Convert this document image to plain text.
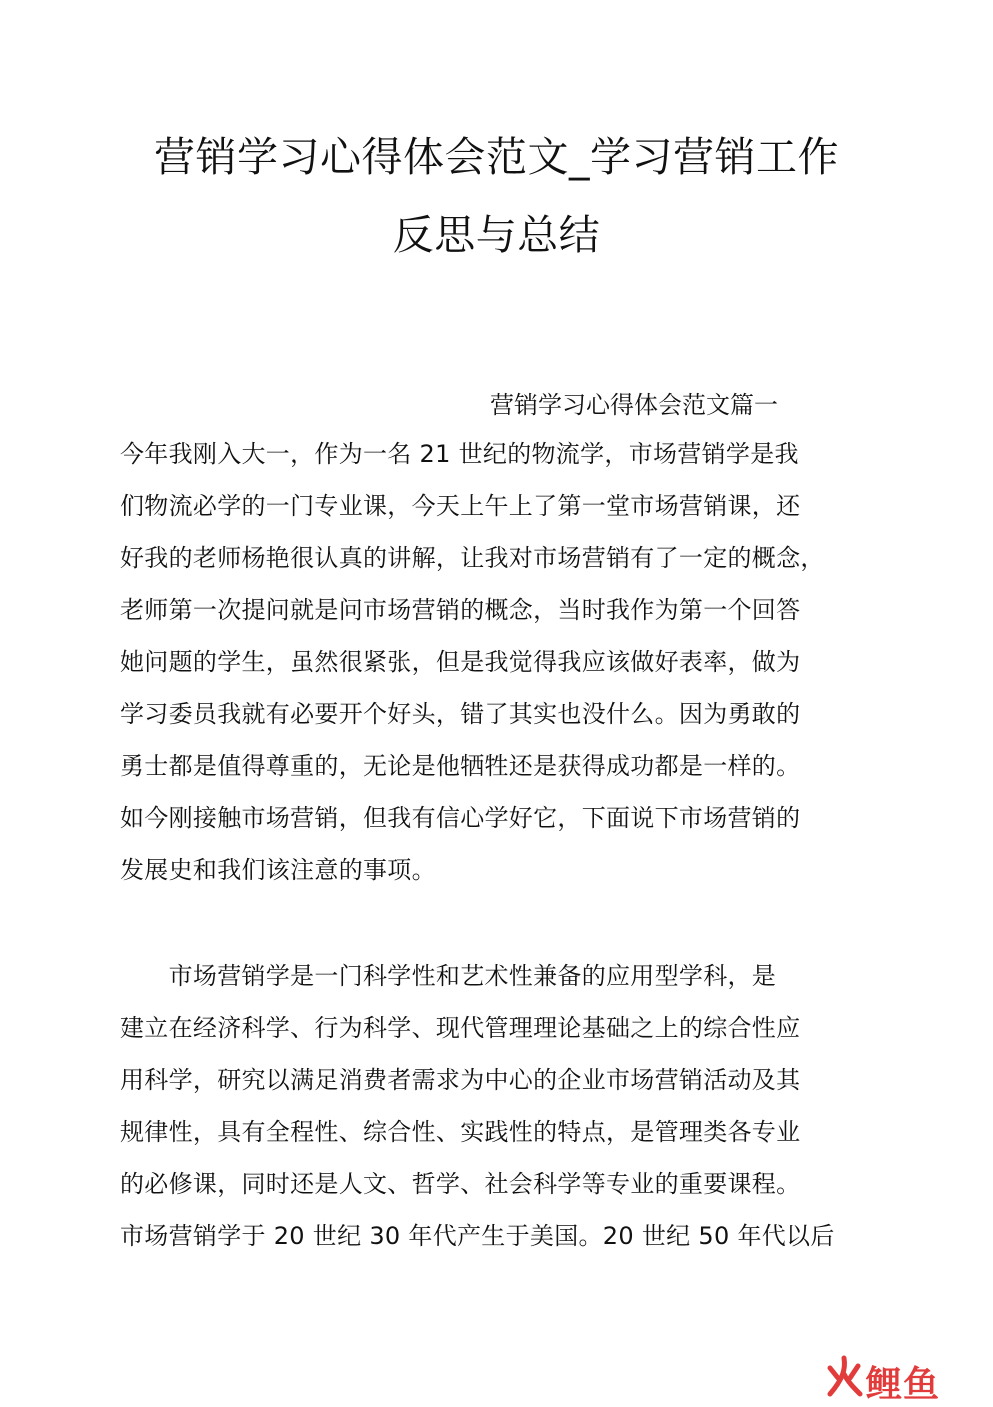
营销学习心得体会范文_学习营销工作
反思与总结
营销学习心得体会范文篇一
今年我刚入大一，作为一名 21 世纪的物流学，市场营销学是我
们物流必学的一门专业课，今天上午上了第一堂市场营销课，还
好我的老师杨艳很认真的讲解，让我对市场营销有了一定的概念，
老师第一次提问就是问市场营销的概念，当时我作为第一个回答
她问题的学生，虽然很紧张，但是我觉得我应该做好表率，做为
学习委员我就有必要开个好头，错了其实也没什么。因为勇敢的
勇士都是值得尊重的，无论是他牺牲还是获得成功都是一样的。
如今刚接触市场营销，但我有信心学好它，下面说下市场营销的
发展史和我们该注意的事项。
　　市场营销学是一门科学性和艺术性兼备的应用型学科，是
建立在经济科学、行为科学、现代管理理论基础之上的综合性应
用科学，研究以满足消费者需求为中心的企业市场营销活动及其
规律性，具有全程性、综合性、实践性的特点，是管理类各专业
的必修课，同时还是人文、哲学、社会科学等专业的重要课程。
市场营销学于 20 世纪 30 年代产生于美国。20 世纪 50 年代以后
鲤鱼
